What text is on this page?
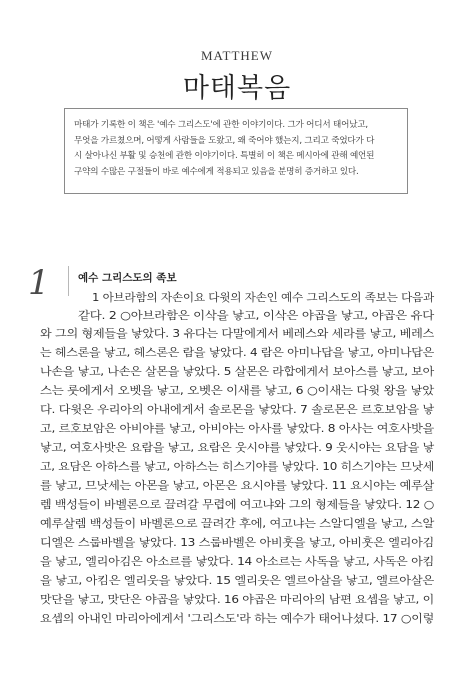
MATTHEW
마태복음
마태가 기록한 이 책은 '예수 그리스도'에 관한 이야기이다. 그가 어디서 태어났고,
무엇을 가르쳤으며, 어떻게 사람들을 도왔고, 왜 죽어야 했는지, 그리고 죽었다가 다
시 살아나신 부활 및 승천에 관한 이야기이다. 특별히 이 책은 메시아에 관해 예언된
구약의 수많은 구절들이 바로 예수에게 적용되고 있음을 분명히 증거하고 있다.
1	예수 그리스도의 족보
1 아브라함의 자손이요 다윗의 자손인 예수 그리스도의 족보는 다음과
같다. 2 ○아브라함은 이삭을 낳고, 이삭은 야곱을 낳고, 야곱은 유다
와 그의 형제들을 낳았다. 3 유다는 다말에게서 베레스와 세라를 낳고, 베레스
는 헤스론을 낳고, 헤스론은 람을 낳았다. 4 람은 아미나답을 낳고, 아미나답은
나손을 낳고, 나손은 살몬을 낳았다. 5 살몬은 라합에게서 보아스를 낳고, 보아
스는 룻에게서 오벳을 낳고, 오벳은 이새를 낳고, 6 ○이새는 다윗 왕을 낳았
다. 다윗은 우리아의 아내에게서 솔로몬을 낳았다. 7 솔로몬은 르호보암을 낳
고, 르호보암은 아비야를 낳고, 아비야는 아사를 낳았다. 8 아사는 여호사밧을
낳고, 여호사밧은 요람을 낳고, 요람은 웃시야를 낳았다. 9 웃시야는 요담을 낳
고, 요담은 아하스를 낳고, 아하스는 히스기야를 낳았다. 10 히스기야는 므낫세
를 낳고, 므낫세는 아몬을 낳고, 아몬은 요시야를 낳았다. 11 요시야는 예루살
렘 백성들이 바벨론으로 끌려갈 무렵에 여고냐와 그의 형제들을 낳았다. 12 ○
예루살렘 백성들이 바벨론으로 끌려간 후에, 여고냐는 스알디엘을 낳고, 스알
디엘은 스룹바벨을 낳았다. 13 스룹바벨은 아비훗을 낳고, 아비훗은 엘리아김
을 낳고, 엘리아김은 아소르를 낳았다. 14 아소르는 사독을 낳고, 사독은 아킴
을 낳고, 아킴은 엘리웃을 낳았다. 15 엘리웃은 엘르아살을 낳고, 엘르아살은
맛단을 낳고, 맛단은 야곱을 낳았다. 16 야곱은 마리아의 남편 요셉을 낳고, 이
요셉의 아내인 마리아에게서 '그리스도'라 하는 예수가 태어나셨다. 17 ○이렇
